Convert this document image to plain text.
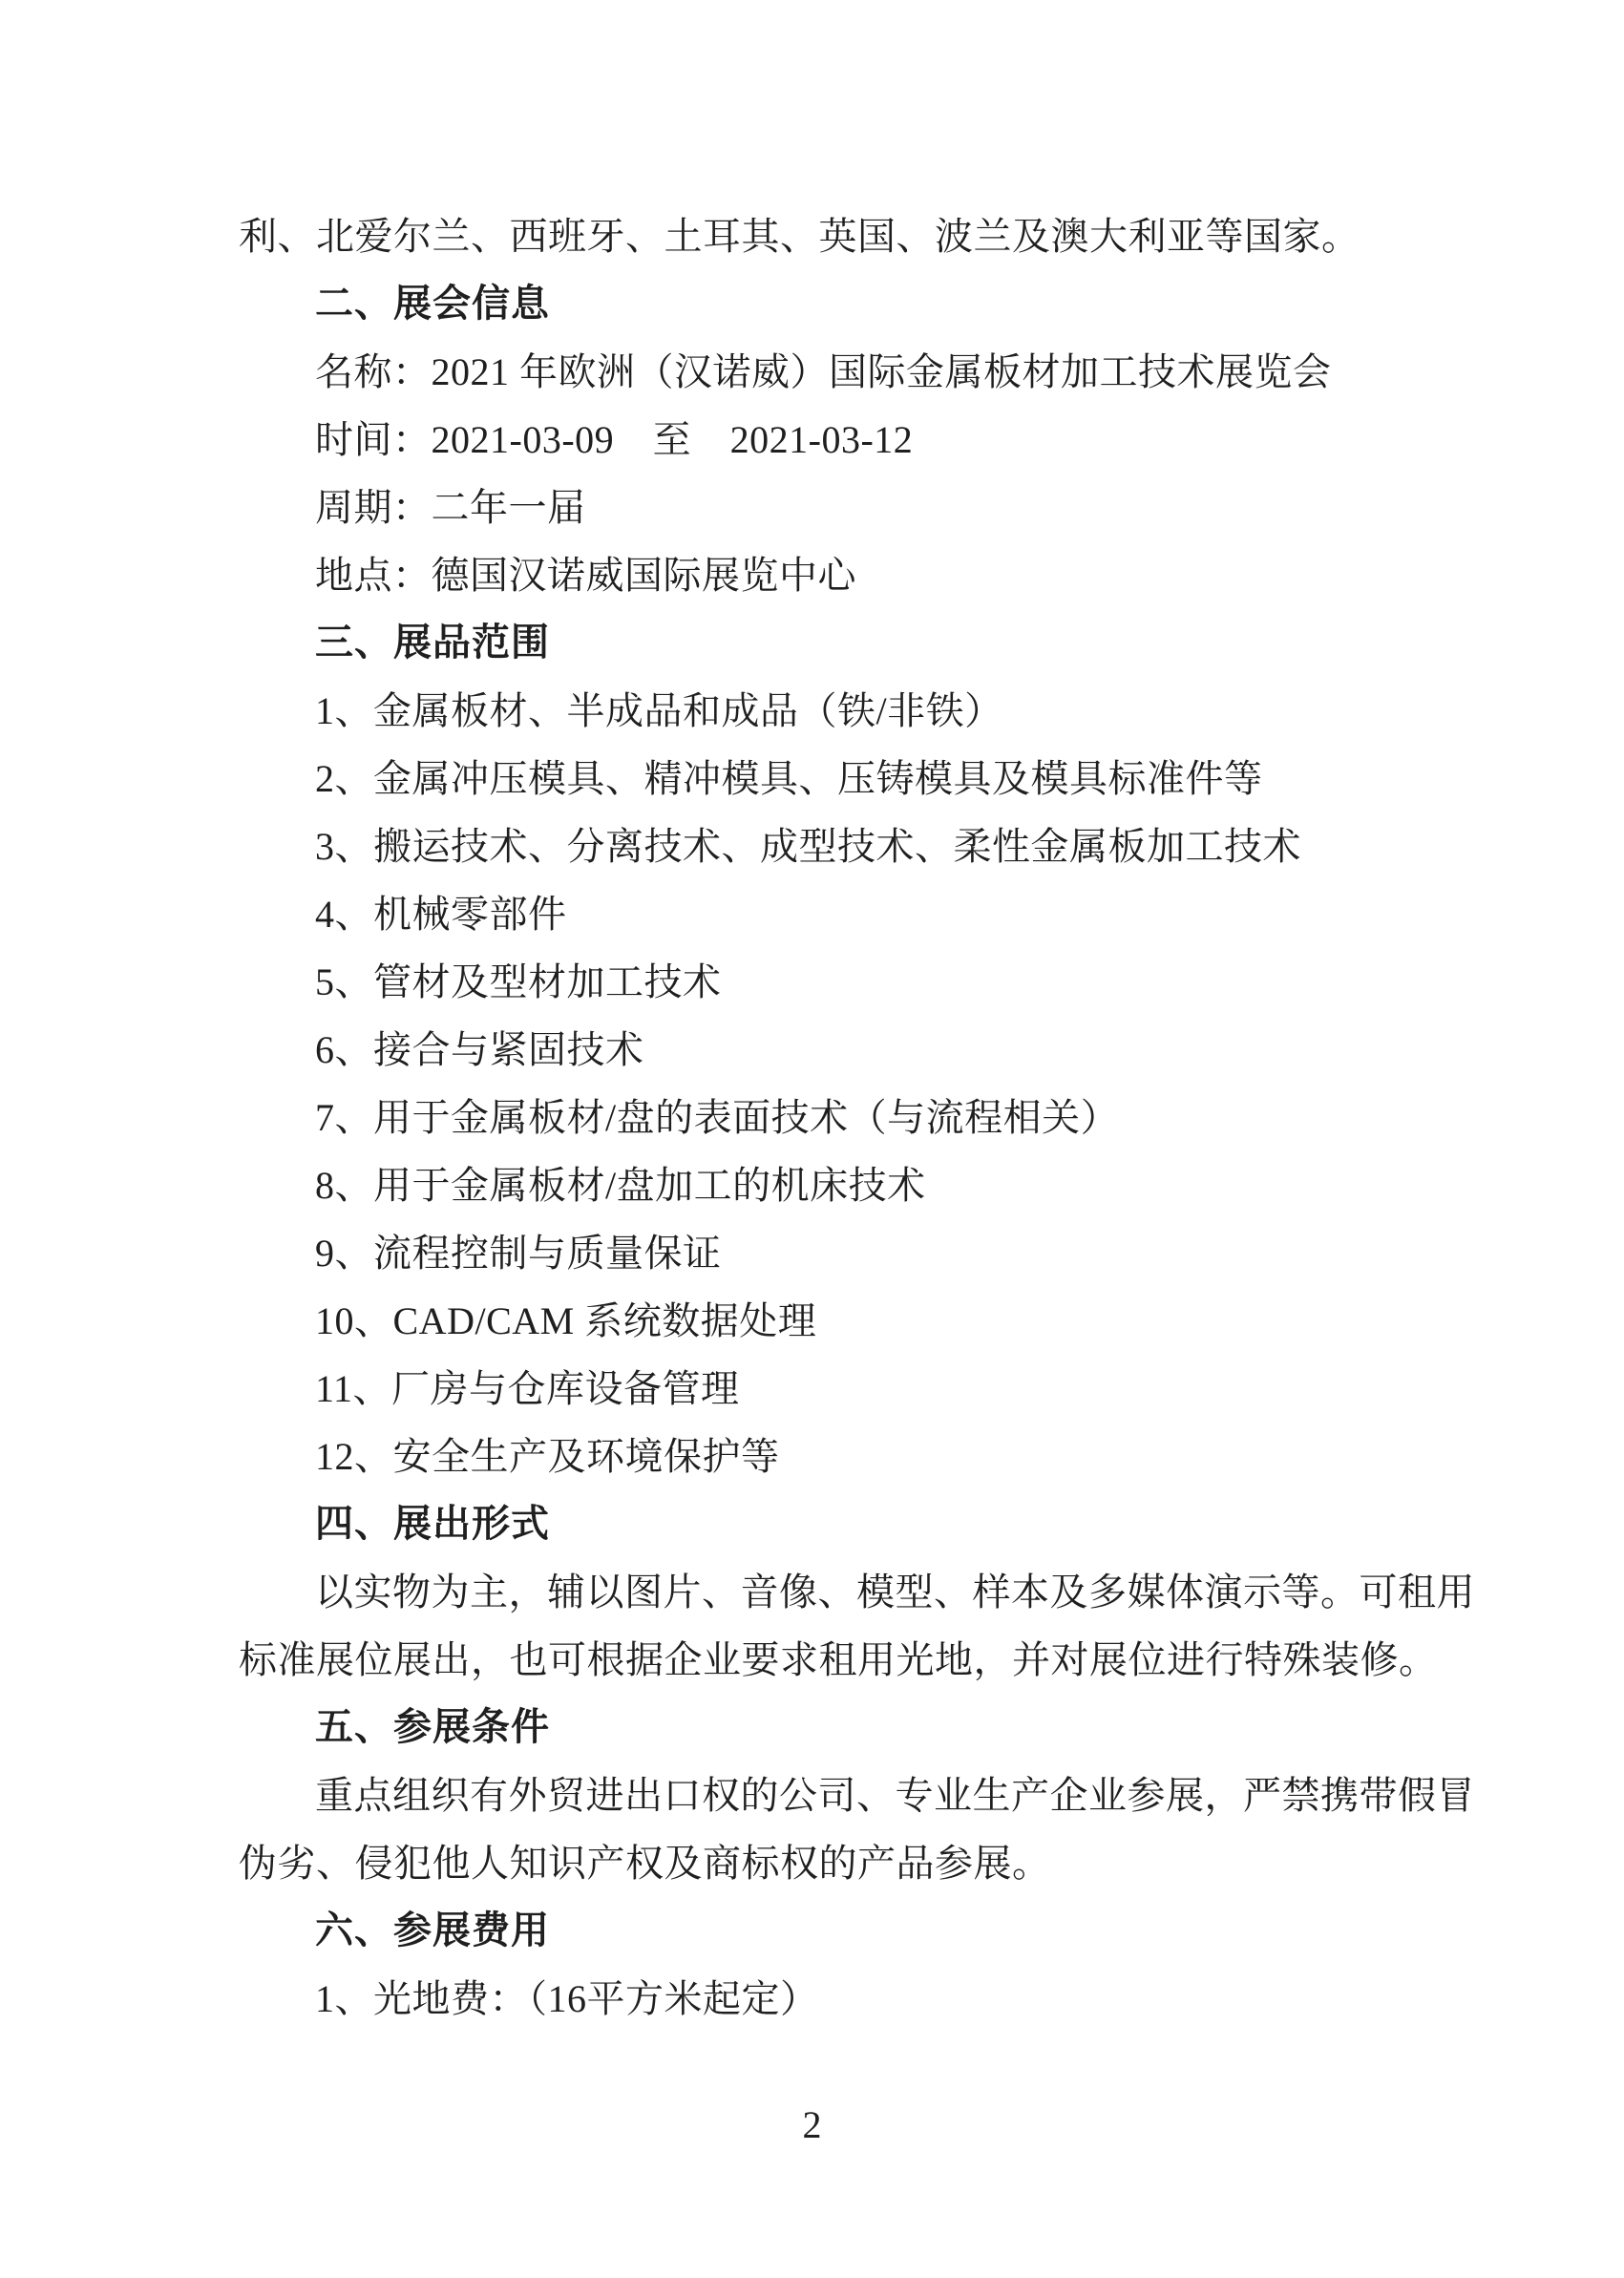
利、北爱尔兰、西班牙、土耳其、英国、波兰及澳大利亚等国家。
二、展会信息
名称：2021 年欧洲（汉诺威）国际金属板材加工技术展览会
时间：2021-03-09　至　2021-03-12
周期：二年一届
地点：德国汉诺威国际展览中心
三、展品范围
1、金属板材、半成品和成品（铁/非铁）
2、金属冲压模具、精冲模具、压铸模具及模具标准件等
3、搬运技术、分离技术、成型技术、柔性金属板加工技术
4、机械零部件
5、管材及型材加工技术
6、接合与紧固技术
7、用于金属板材/盘的表面技术（与流程相关）
8、用于金属板材/盘加工的机床技术
9、流程控制与质量保证
10、CAD/CAM 系统数据处理
11、厂房与仓库设备管理
12、安全生产及环境保护等
四、展出形式
以实物为主，辅以图片、音像、模型、样本及多媒体演示等。可租用
标准展位展出，也可根据企业要求租用光地，并对展位进行特殊装修。
五、参展条件
重点组织有外贸进出口权的公司、专业生产企业参展，严禁携带假冒
伪劣、侵犯他人知识产权及商标权的产品参展。
六、参展费用
1、光地费：（16平方米起定）
2
